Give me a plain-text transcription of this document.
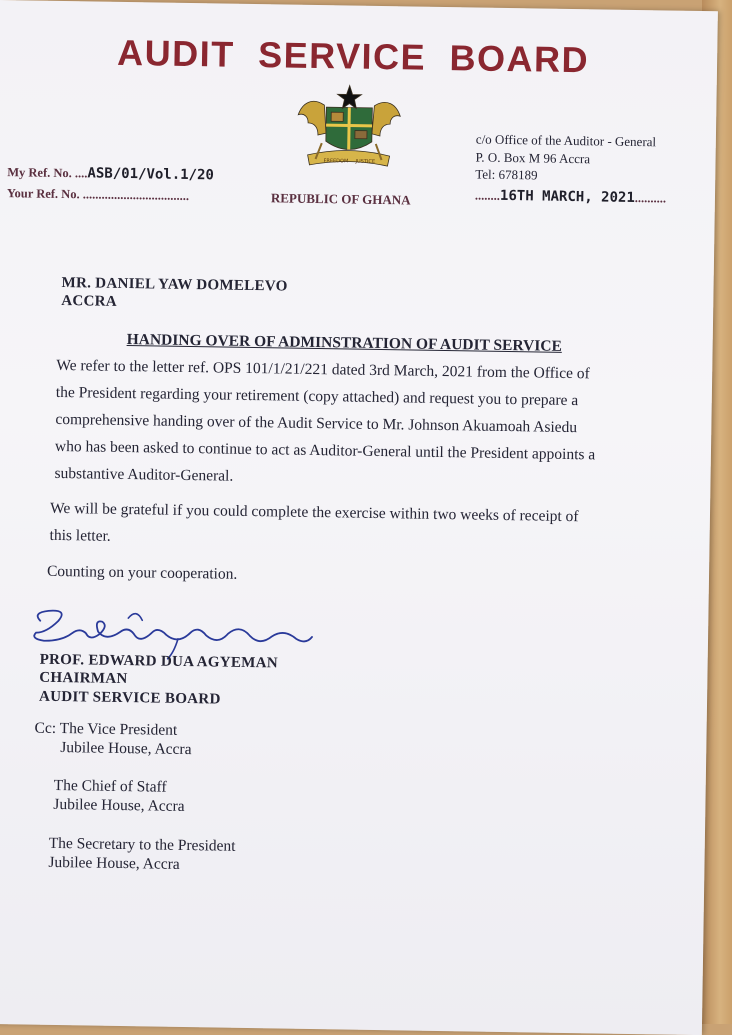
AUDIT SERVICE BOARD
FREEDOM JUSTICE
c/o Office of the Auditor - General
P. O. Box M 96 Accra
Tel: 678189
My Ref. No. ....ASB/01/Vol.1/20
Your Ref. No. ..................................	REPUBLIC OF GHANA	........16TH MARCH, 2021..........
MR. DANIEL YAW DOMELEVO
ACCRA
HANDING OVER OF ADMINSTRATION OF AUDIT SERVICE
We refer to the letter ref. OPS 101/1/21/221 dated 3rd March, 2021 from the Office of
the President regarding your retirement (copy attached) and request you to prepare a
comprehensive handing over of the Audit Service to Mr. Johnson Akuamoah Asiedu
who has been asked to continue to act as Auditor-General until the President appoints a
substantive Auditor-General.
We will be grateful if you could complete the exercise within two weeks of receipt of
this letter.
Counting on your cooperation.
PROF. EDWARD DUA AGYEMAN
CHAIRMAN
AUDIT SERVICE BOARD
Cc: The Vice President
Jubilee House, Accra
The Chief of Staff
Jubilee House, Accra
The Secretary to the President
Jubilee House, Accra
